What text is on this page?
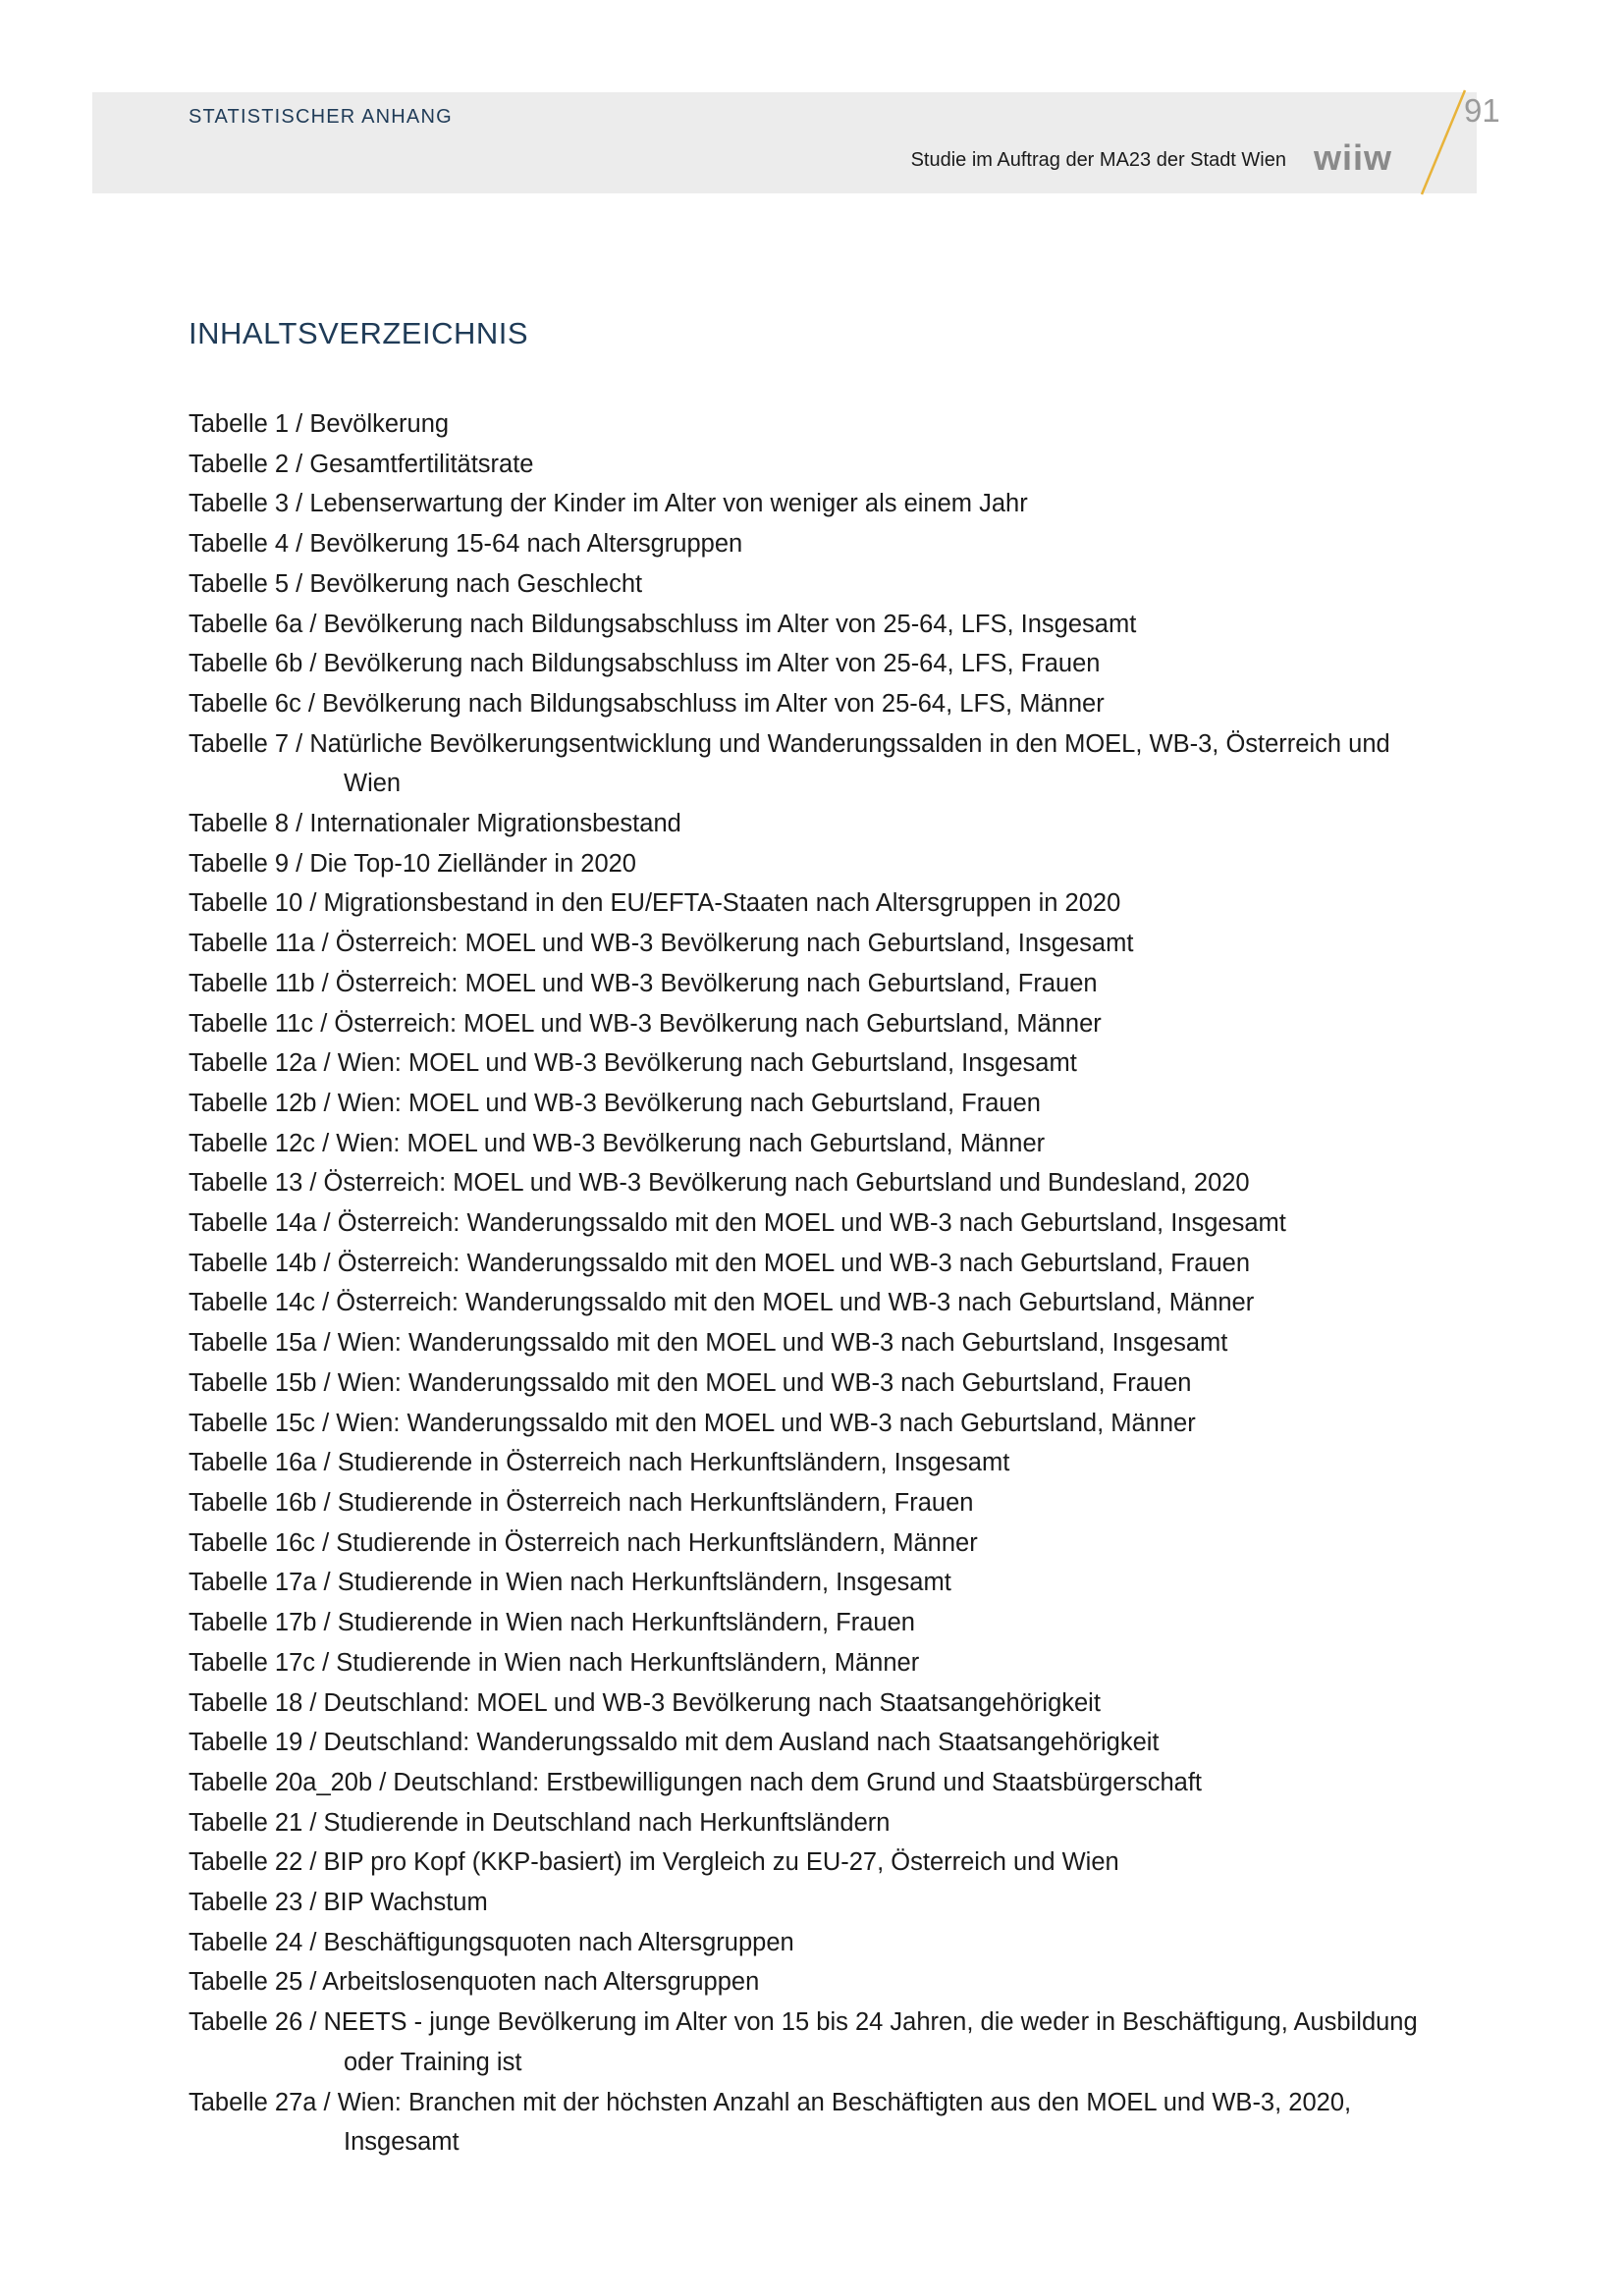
STATISTISCHER ANHANG
Studie im Auftrag der MA23 der Stadt Wien wiiw
91
INHALTSVERZEICHNIS
Tabelle 1 / Bevölkerung
Tabelle 2 / Gesamtfertilitätsrate
Tabelle 3 / Lebenserwartung der Kinder im Alter von weniger als einem Jahr
Tabelle 4 / Bevölkerung 15-64 nach Altersgruppen
Tabelle 5 / Bevölkerung nach Geschlecht
Tabelle 6a / Bevölkerung nach Bildungsabschluss im Alter von 25-64, LFS, Insgesamt
Tabelle 6b / Bevölkerung nach Bildungsabschluss im Alter von 25-64, LFS, Frauen
Tabelle 6c / Bevölkerung nach Bildungsabschluss im Alter von 25-64, LFS, Männer
Tabelle 7 / Natürliche Bevölkerungsentwicklung und Wanderungssalden in den MOEL, WB-3, Österreich und Wien
Tabelle 8 / Internationaler Migrationsbestand
Tabelle 9 / Die Top-10 Zielländer in 2020
Tabelle 10 / Migrationsbestand in den EU/EFTA-Staaten nach Altersgruppen in 2020
Tabelle 11a / Österreich: MOEL und WB-3 Bevölkerung nach Geburtsland, Insgesamt
Tabelle 11b / Österreich: MOEL und WB-3 Bevölkerung nach Geburtsland, Frauen
Tabelle 11c / Österreich: MOEL und WB-3 Bevölkerung nach Geburtsland, Männer
Tabelle 12a / Wien: MOEL und WB-3 Bevölkerung nach Geburtsland, Insgesamt
Tabelle 12b / Wien: MOEL und WB-3 Bevölkerung nach Geburtsland, Frauen
Tabelle 12c / Wien: MOEL und WB-3 Bevölkerung nach Geburtsland, Männer
Tabelle 13 / Österreich: MOEL und WB-3 Bevölkerung nach Geburtsland und Bundesland, 2020
Tabelle 14a / Österreich: Wanderungssaldo mit den MOEL und WB-3 nach Geburtsland, Insgesamt
Tabelle 14b / Österreich: Wanderungssaldo mit den MOEL und WB-3 nach Geburtsland, Frauen
Tabelle 14c / Österreich: Wanderungssaldo mit den MOEL und WB-3 nach Geburtsland, Männer
Tabelle 15a / Wien: Wanderungssaldo mit den MOEL und WB-3 nach Geburtsland, Insgesamt
Tabelle 15b / Wien: Wanderungssaldo mit den MOEL und WB-3 nach Geburtsland, Frauen
Tabelle 15c / Wien: Wanderungssaldo mit den MOEL und WB-3 nach Geburtsland, Männer
Tabelle 16a / Studierende in Österreich nach Herkunftsländern, Insgesamt
Tabelle 16b / Studierende in Österreich nach Herkunftsländern, Frauen
Tabelle 16c / Studierende in Österreich nach Herkunftsländern, Männer
Tabelle 17a / Studierende in Wien nach Herkunftsländern, Insgesamt
Tabelle 17b / Studierende in Wien nach Herkunftsländern, Frauen
Tabelle 17c / Studierende in Wien nach Herkunftsländern, Männer
Tabelle 18 / Deutschland: MOEL und WB-3 Bevölkerung nach Staatsangehörigkeit
Tabelle 19 / Deutschland: Wanderungssaldo mit dem Ausland nach Staatsangehörigkeit
Tabelle 20a_20b / Deutschland: Erstbewilligungen nach dem Grund und Staatsbürgerschaft
Tabelle 21 / Studierende in Deutschland nach Herkunftsländern
Tabelle 22 / BIP pro Kopf (KKP-basiert) im Vergleich zu EU-27, Österreich und Wien
Tabelle 23 / BIP Wachstum
Tabelle 24 / Beschäftigungsquoten nach Altersgruppen
Tabelle 25 / Arbeitslosenquoten nach Altersgruppen
Tabelle 26 / NEETS - junge Bevölkerung im Alter von 15 bis 24 Jahren, die weder in Beschäftigung, Ausbildung oder Training ist
Tabelle 27a / Wien: Branchen mit der höchsten Anzahl an Beschäftigten aus den MOEL und WB-3, 2020, Insgesamt
